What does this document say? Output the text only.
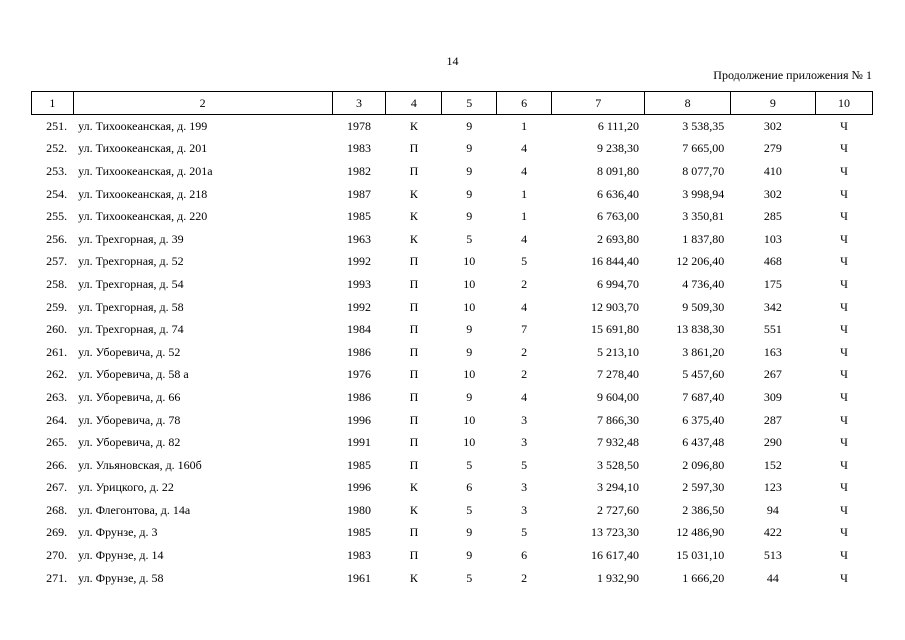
14
Продолжение приложения № 1
1	2	3	4	5	6	7	8	9	10
251.	ул. Тихоокеанская, д. 199	1978	К	9	1	6 111,20	3 538,35	302	Ч
252.	ул. Тихоокеанская, д. 201	1983	П	9	4	9 238,30	7 665,00	279	Ч
253.	ул. Тихоокеанская, д. 201а	1982	П	9	4	8 091,80	8 077,70	410	Ч
254.	ул. Тихоокеанская, д. 218	1987	К	9	1	6 636,40	3 998,94	302	Ч
255.	ул. Тихоокеанская, д. 220	1985	К	9	1	6 763,00	3 350,81	285	Ч
256.	ул. Трехгорная, д. 39	1963	К	5	4	2 693,80	1 837,80	103	Ч
257.	ул. Трехгорная, д. 52	1992	П	10	5	16 844,40	12 206,40	468	Ч
258.	ул. Трехгорная, д. 54	1993	П	10	2	6 994,70	4 736,40	175	Ч
259.	ул. Трехгорная, д. 58	1992	П	10	4	12 903,70	9 509,30	342	Ч
260.	ул. Трехгорная, д. 74	1984	П	9	7	15 691,80	13 838,30	551	Ч
261.	ул. Уборевича, д. 52	1986	П	9	2	5 213,10	3 861,20	163	Ч
262.	ул. Уборевича, д. 58 а	1976	П	10	2	7 278,40	5 457,60	267	Ч
263.	ул. Уборевича, д. 66	1986	П	9	4	9 604,00	7 687,40	309	Ч
264.	ул. Уборевича, д. 78	1996	П	10	3	7 866,30	6 375,40	287	Ч
265.	ул. Уборевича, д. 82	1991	П	10	3	7 932,48	6 437,48	290	Ч
266.	ул. Ульяновская, д. 160б	1985	П	5	5	3 528,50	2 096,80	152	Ч
267.	ул. Урицкого, д. 22	1996	К	6	3	3 294,10	2 597,30	123	Ч
268.	ул. Флегонтова, д. 14а	1980	К	5	3	2 727,60	2 386,50	94	Ч
269.	ул. Фрунзе, д. 3	1985	П	9	5	13 723,30	12 486,90	422	Ч
270.	ул. Фрунзе, д. 14	1983	П	9	6	16 617,40	15 031,10	513	Ч
271.	ул. Фрунзе, д. 58	1961	К	5	2	1 932,90	1 666,20	44	Ч
